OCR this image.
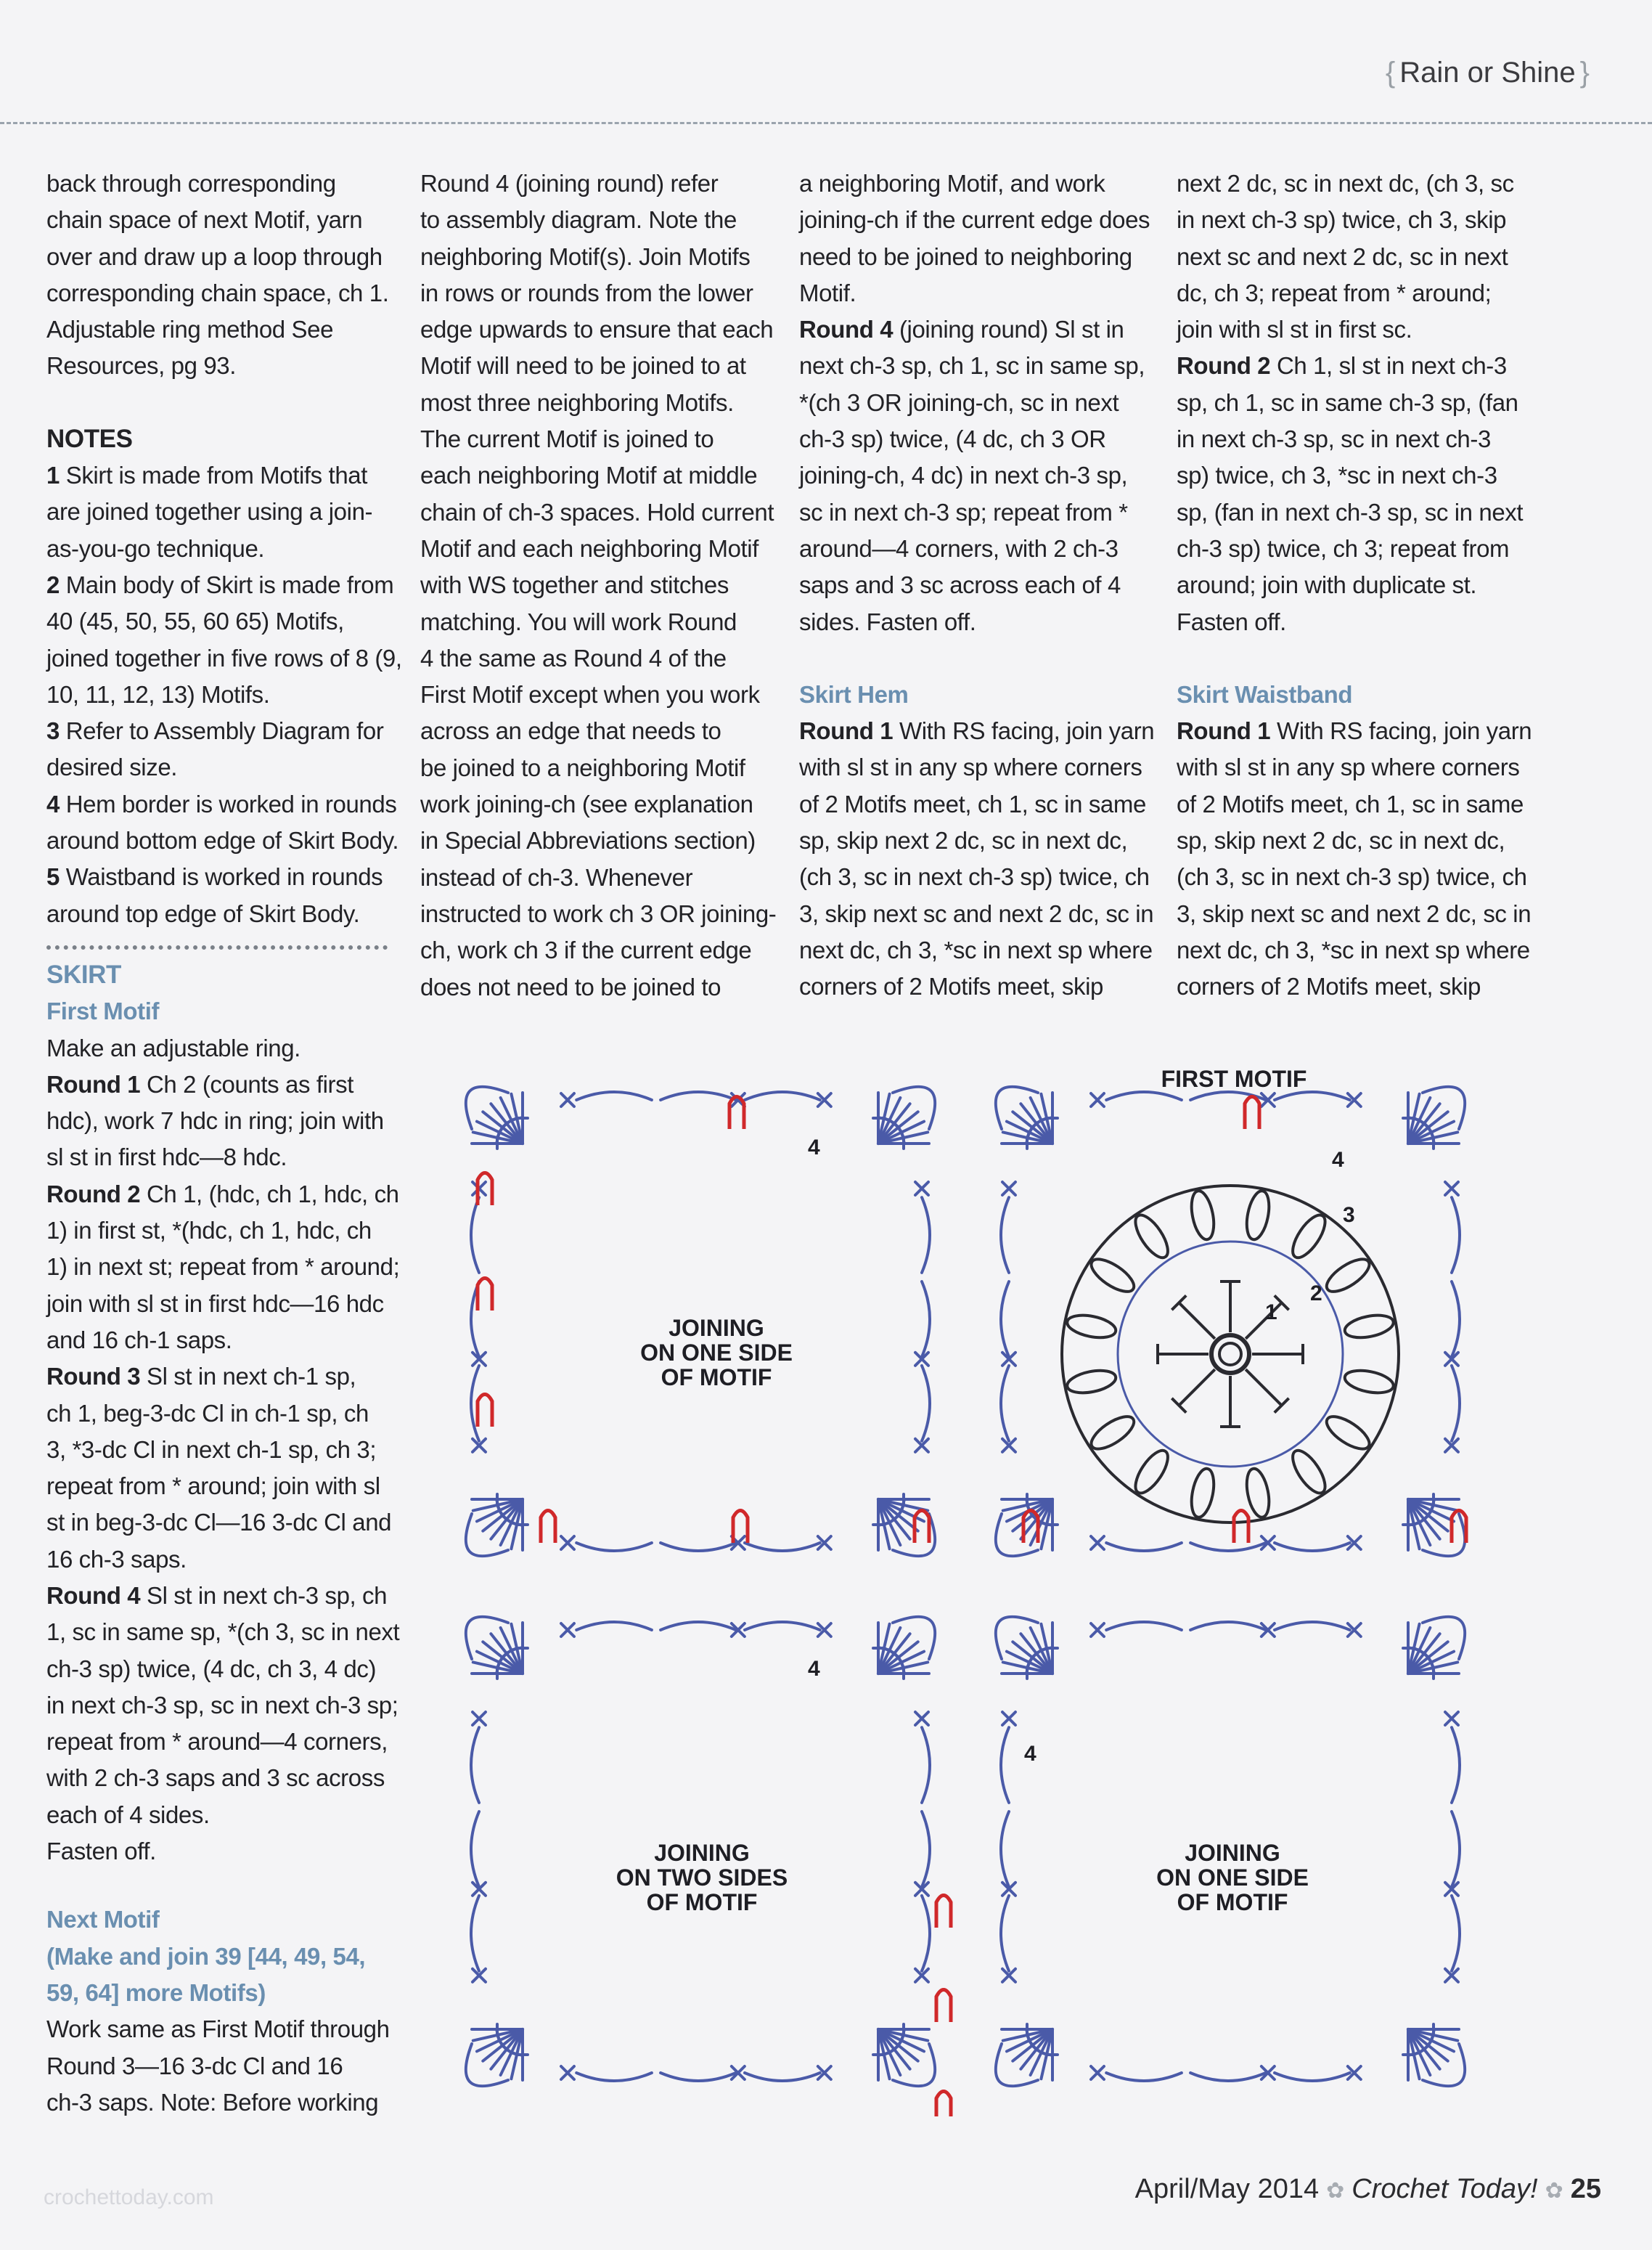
{ Rain or Shine }
back through corresponding
chain space of next Motif, yarn
over and draw up a loop through
corresponding chain space, ch 1.
Adjustable ring method See
Resources, pg 93.

NOTES

1 Skirt is made from Motifs that
are joined together using a join-
as-you-go technique.
2 Main body of Skirt is made from
40 (45, 50, 55, 60 65) Motifs,
joined together in five rows of 8 (9,
10, 11, 12, 13) Motifs.
3 Refer to Assembly Diagram for
desired size.
4 Hem border is worked in rounds
around bottom edge of Skirt Body.
5 Waistband is worked in rounds
around top edge of Skirt Body.

SKIRT

First Motif

Make an adjustable ring.
Round 1 Ch 2 (counts as first
hdc), work 7 hdc in ring; join with
sl st in first hdc—8 hdc.
Round 2 Ch 1, (hdc, ch 1, hdc, ch
1) in first st, *(hdc, ch 1, hdc, ch
1) in next st; repeat from * around;
join with sl st in first hdc—16 hdc
and 16 ch-1 saps.
Round 3 Sl st in next ch-1 sp,
ch 1, beg-3-dc Cl in ch-1 sp, ch
3, *3-dc Cl in next ch-1 sp, ch 3;
repeat from * around; join with sl
st in beg-3-dc Cl—16 3-dc Cl and
16 ch-3 saps.
Round 4 Sl st in next ch-3 sp, ch
1, sc in same sp, *(ch 3, sc in next
ch-3 sp) twice, (4 dc, ch 3, 4 dc)
in next ch-3 sp, sc in next ch-3 sp;
repeat from * around—4 corners,
with 2 ch-3 saps and 3 sc across
each of 4 sides.
Fasten off.
Next Motif
(Make and join 39 [44, 49, 54,
59, 64] more Motifs)
Work same as First Motif through
Round 3—16 3-dc Cl and 16
ch-3 saps. Note: Before working
Round 4 (joining round) refer
to assembly diagram. Note the
neighboring Motif(s). Join Motifs
in rows or rounds from the lower
edge upwards to ensure that each
Motif will need to be joined to at
most three neighboring Motifs.
The current Motif is joined to
each neighboring Motif at middle
chain of ch-3 spaces. Hold current
Motif and each neighboring Motif
with WS together and stitches
matching. You will work Round
4 the same as Round 4 of the
First Motif except when you work
across an edge that needs to
be joined to a neighboring Motif
work joining-ch (see explanation
in Special Abbreviations section)
instead of ch-3. Whenever
instructed to work ch 3 OR joining-
ch, work ch 3 if the current edge
does not need to be joined to
a neighboring Motif, and work
joining-ch if the current edge does
need to be joined to neighboring
Motif.
Round 4 (joining round) Sl st in
next ch-3 sp, ch 1, sc in same sp,
*(ch 3 OR joining-ch, sc in next
ch-3 sp) twice, (4 dc, ch 3 OR
joining-ch, 4 dc) in next ch-3 sp,
sc in next ch-3 sp; repeat from *
around—4 corners, with 2 ch-3
saps and 3 sc across each of 4
sides. Fasten off.

Skirt Hem

Round 1 With RS facing, join yarn
with sl st in any sp where corners
of 2 Motifs meet, ch 1, sc in same
sp, skip next 2 dc, sc in next dc,
(ch 3, sc in next ch-3 sp) twice, ch
3, skip next sc and next 2 dc, sc in
next dc, ch 3, *sc in next sp where
corners of 2 Motifs meet, skip
next 2 dc, sc in next dc, (ch 3, sc
in next ch-3 sp) twice, ch 3, skip
next sc and next 2 dc, sc in next
dc, ch 3; repeat from * around;
join with sl st in first sc.
Round 2 Ch 1, sl st in next ch-3
sp, ch 1, sc in same ch-3 sp, (fan
in next ch-3 sp, sc in next ch-3
sp) twice, ch 3, *sc in next ch-3
sp, (fan in next ch-3 sp, sc in next
ch-3 sp) twice, ch 3; repeat from
around; join with duplicate st.
Fasten off.

Skirt Waistband

Round 1 With RS facing, join yarn
with sl st in any sp where corners
of 2 Motifs meet, ch 1, sc in same
sp, skip next 2 dc, sc in next dc,
(ch 3, sc in next ch-3 sp) twice, ch
3, skip next sc and next 2 dc, sc in
next dc, ch 3, *sc in next sp where
corners of 2 Motifs meet, skip
FIRST MOTIF
JOINING
ON ONE SIDE
OF MOTIF
JOINING
ON TWO SIDES
OF MOTIF
JOINING
ON ONE SIDE
OF MOTIF
1
2
3
4
4
4
4
crochettoday.com	April/May 2014 ✿ Crochet Today! ✿ 25
